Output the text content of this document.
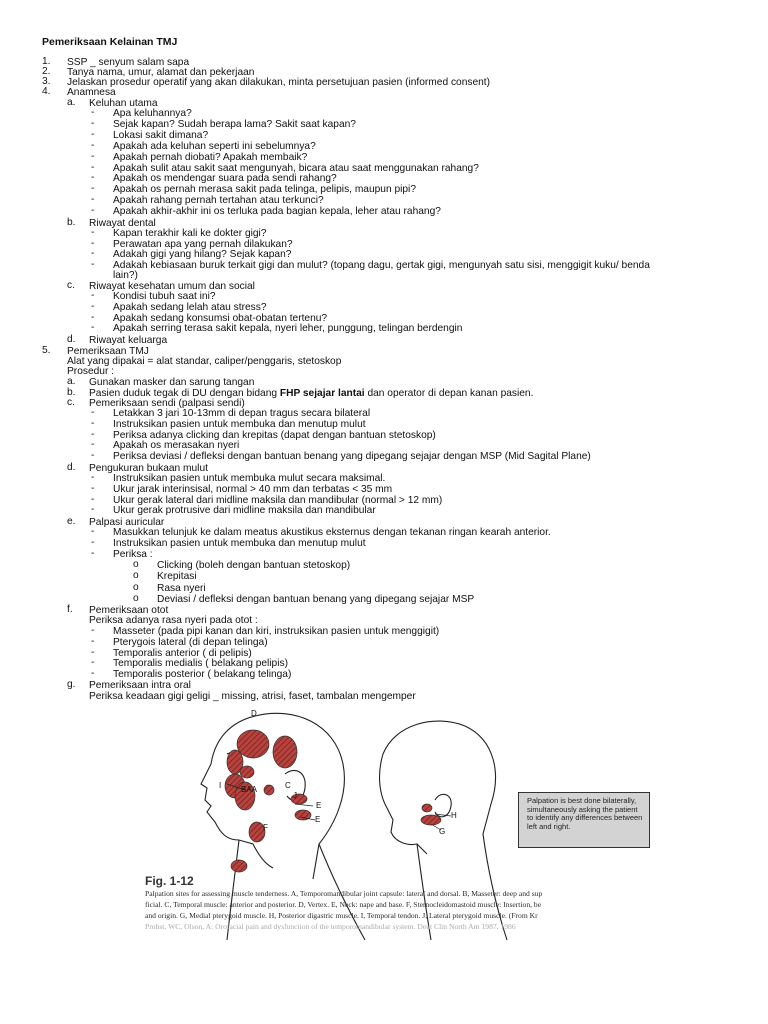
Pemeriksaan Kelainan TMJ
1. SSP _ senyum salam sapa
2. Tanya nama, umur, alamat dan pekerjaan
3. Jelaskan prosedur operatif yang akan dilakukan, minta persetujuan pasien (informed consent)
4. Anamnesa
a. Keluhan utama
- Apa keluhannya?
- Sejak kapan? Sudah berapa lama? Sakit saat kapan?
- Lokasi sakit dimana?
- Apakah ada keluhan seperti ini sebelumnya?
- Apakah pernah diobati? Apakah membaik?
- Apakah sulit atau sakit saat mengunyah, bicara atau saat menggunakan rahang?
- Apakah os mendengar suara pada sendi rahang?
- Apakah os pernah merasa sakit pada telinga, pelipis, maupun pipi?
- Apakah rahang pernah tertahan atau terkunci?
- Apakah akhir-akhir ini os terluka pada bagian kepala, leher atau rahang?
b. Riwayat dental
- Kapan terakhir kali ke dokter gigi?
- Perawatan apa yang pernah dilakukan?
- Adakah gigi yang hilang? Sejak kapan?
- Adakah kebiasaan buruk terkait gigi dan mulut? (topang dagu, gertak gigi, mengunyah satu sisi, menggigit kuku/ benda
lain?)
c. Riwayat kesehatan umum dan social
- Kondisi tubuh saat ini?
- Apakah sedang lelah atau stress?
- Apakah sedang konsumsi obat-obatan tertenu?
- Apakah serring terasa sakit kepala, nyeri leher, punggung, telingan berdengin
d. Riwayat keluarga
5. Pemeriksaan TMJ
Alat yang dipakai = alat standar, caliper/penggaris, stetoskop
Prosedur :
a. Gunakan masker dan sarung tangan
b. Pasien duduk tegak di DU dengan bidang FHP sejajar lantai dan operator di depan kanan pasien.
c. Pemeriksaan sendi (palpasi sendi)
- Letakkan 3 jari 10-13mm di depan tragus secara bilateral
- Instruksikan pasien untuk membuka dan menutup mulut
- Periksa adanya clicking dan krepitas (dapat dengan bantuan stetoskop)
- Apakah os merasakan nyeri
- Periksa deviasi / defleksi dengan bantuan benang yang dipegang sejajar dengan MSP (Mid Sagital Plane)
d. Pengukuran bukaan mulut
- Instruksikan pasien untuk membuka mulut secara maksimal.
- Ukur jarak interinsisal, normal > 40 mm dan terbatas < 35 mm
- Ukur gerak lateral dari midline maksila dan mandibular (normal > 12 mm)
- Ukur gerak protrusive dari midline maksila dan mandibular
e. Palpasi auricular
- Masukkan telunjuk ke dalam meatus akustikus eksternus dengan tekanan ringan kearah anterior.
- Instruksikan pasien untuk membuka dan menutup mulut
- Periksa :
o Clicking (boleh dengan bantuan stetoskop)
o Krepitasi
o Rasa nyeri
o Deviasi / defleksi dengan bantuan benang yang dipegang sejajar MSP
f. Pemeriksaan otot
Periksa adanya rasa nyeri pada otot :
- Masseter (pada pipi kanan dan kiri, instruksikan pasien untuk menggigit)
- Pterygois lateral (di depan telinga)
- Temporalis anterior ( di pelipis)
- Temporalis medialis ( belakang pelipis)
- Temporalis posterior ( belakang telinga)
g. Pemeriksaan intra oral
Periksa keadaan gigi geligi _ missing, atrisi, faset, tambalan mengemper
D
I BAA
J
C
E
E
F
H
G
Palpation is best done bilaterally, simultaneously asking the patient to identify any differences between left and right.
Fig. 1-12
Palpation sites for assessing muscle tenderness. A, Temporomandibular joint capsule: lateral and dorsal. B, Masseter: deep and sup
ficial. C, Temporal muscle: anterior and posterior. D, Vertex. E, Neck: nape and base. F, Sternocleidomastoid muscle: Insertion, be
and origin. G, Medial pterygoid muscle. H, Posterior digastric muscle. I, Temporal tendon. J, Lateral pterygoid muscle. (From Kr
Probst, WC, Olson, A: Orofacial pain and dysfunction of the temporomandibular system. Dent Clin North Am 1987, 1986
